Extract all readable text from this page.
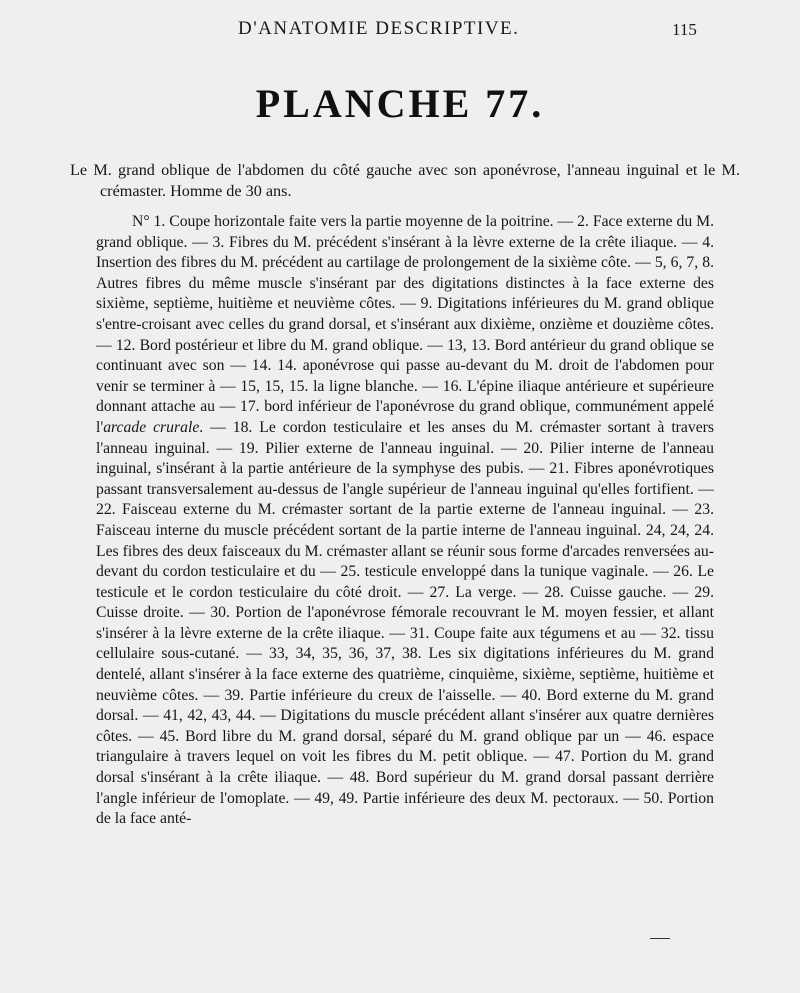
D'ANATOMIE DESCRIPTIVE.	115
PLANCHE 77.

Le M. grand oblique de l'abdomen du côté gauche avec son aponévrose, l'anneau inguinal et le M. crémaster. Homme de 30 ans.

N° 1. Coupe horizontale faite vers la partie moyenne de la poitrine. — 2. Face externe du M. grand oblique. — 3. Fibres du M. précédent s'insérant à la lèvre externe de la crête iliaque. — 4. Insertion des fibres du M. précédent au cartilage de prolongement de la sixième côte. — 5, 6, 7, 8. Autres fibres du même muscle s'insérant par des digitations distinctes à la face externe des sixième, septième, huitième et neuvième côtes. — 9. Digitations inférieures du M. grand oblique s'entre-croisant avec celles du grand dorsal, et s'insérant aux dixième, onzième et douzième côtes. — 12. Bord postérieur et libre du M. grand oblique. — 13, 13. Bord antérieur du grand oblique se continuant avec son — 14. 14. aponévrose qui passe au-devant du M. droit de l'abdomen pour venir se terminer à — 15, 15, 15. la ligne blanche. — 16. L'épine iliaque antérieure et supérieure donnant attache au — 17. bord inférieur de l'aponévrose du grand oblique, communément appelé l'arcade crurale. — 18. Le cordon testiculaire et les anses du M. crémaster sortant à travers l'anneau inguinal. — 19. Pilier externe de l'anneau inguinal. — 20. Pilier interne de l'anneau inguinal, s'insérant à la partie antérieure de la symphyse des pubis. — 21. Fibres aponévrotiques passant transversalement au-dessus de l'angle supérieur de l'anneau inguinal qu'elles fortifient. — 22. Faisceau externe du M. crémaster sortant de la partie externe de l'anneau inguinal. — 23. Faisceau interne du muscle précédent sortant de la partie interne de l'anneau inguinal. 24, 24, 24. Les fibres des deux faisceaux du M. crémaster allant se réunir sous forme d'arcades renversées au-devant du cordon testiculaire et du — 25. testicule enveloppé dans la tunique vaginale. — 26. Le testicule et le cordon testiculaire du côté droit. — 27. La verge. — 28. Cuisse gauche. — 29. Cuisse droite. — 30. Portion de l'aponévrose fémorale recouvrant le M. moyen fessier, et allant s'insérer à la lèvre externe de la crête iliaque. — 31. Coupe faite aux tégumens et au — 32. tissu cellulaire sous-cutané. — 33, 34, 35, 36, 37, 38. Les six digitations inférieures du M. grand dentelé, allant s'insérer à la face externe des quatrième, cinquième, sixième, septième, huitième et neuvième côtes. — 39. Partie inférieure du creux de l'aisselle. — 40. Bord externe du M. grand dorsal. — 41, 42, 43, 44. — Digitations du muscle précédent allant s'insérer aux quatre dernières côtes. — 45. Bord libre du M. grand dorsal, séparé du M. grand oblique par un — 46. espace triangulaire à travers lequel on voit les fibres du M. petit oblique. — 47. Portion du M. grand dorsal s'insérant à la crête iliaque. — 48. Bord supérieur du M. grand dorsal passant derrière l'angle inférieur de l'omoplate. — 49, 49. Partie inférieure des deux M. pectoraux. — 50. Portion de la face anté-
